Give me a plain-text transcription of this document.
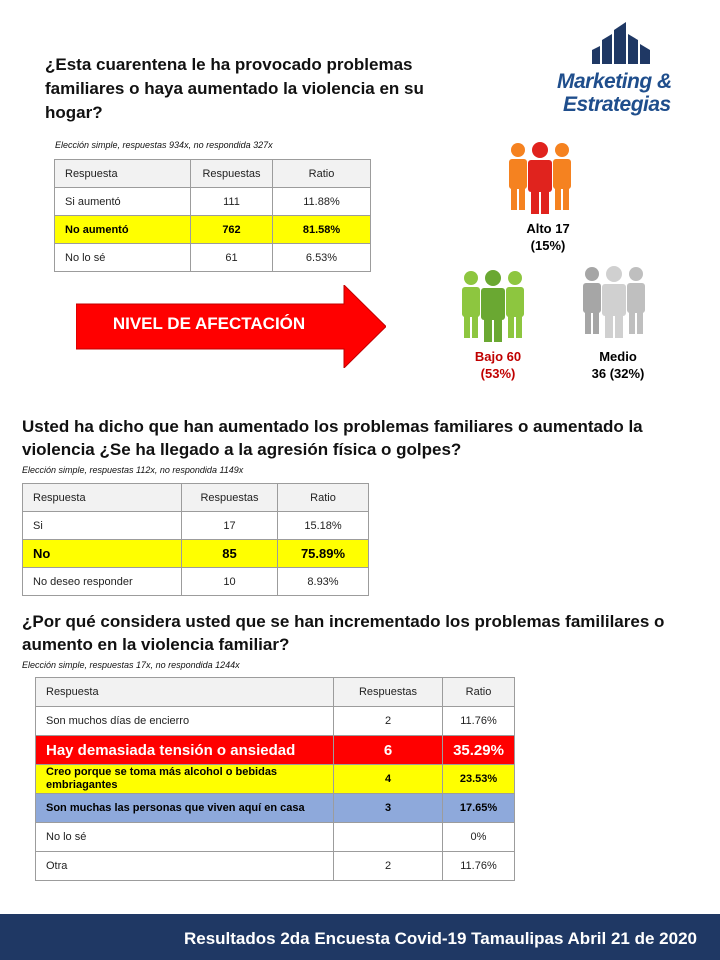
¿Esta cuarentena le ha provocado problemas familiares o haya aumentado la violencia en su hogar?
Elección simple, respuestas 934x, no respondida 327x
Respuesta	Respuestas	Ratio
Si aumentó	111	11.88%
No aumentó	762	81.58%
No lo sé	61	6.53%
Marketing &
Estrategias
NIVEL DE AFECTACIÓN
Alto 17
(15%)
Bajo 60
(53%)
Medio
36 (32%)
Usted ha dicho que han aumentado los problemas familiares o aumentado la violencia ¿Se ha llegado a la agresión física o golpes?
Elección simple, respuestas 112x, no respondida 1149x
Respuesta	Respuestas	Ratio
Si	17	15.18%
No	85	75.89%
No deseo responder	10	8.93%
¿Por qué considera usted que se han incrementado los problemas famililares o aumento en la violencia familiar?
Elección simple, respuestas 17x, no respondida 1244x
Respuesta	Respuestas	Ratio
Son muchos días de encierro	2	11.76%
Hay demasiada tensión o ansiedad	6	35.29%
Creo porque se toma más alcohol o bebidas embriagantes	4	23.53%
Son muchas las personas que viven aquí en casa	3	17.65%
No lo sé		0%
Otra	2	11.76%
Resultados 2da Encuesta Covid-19 Tamaulipas Abril 21 de 2020
